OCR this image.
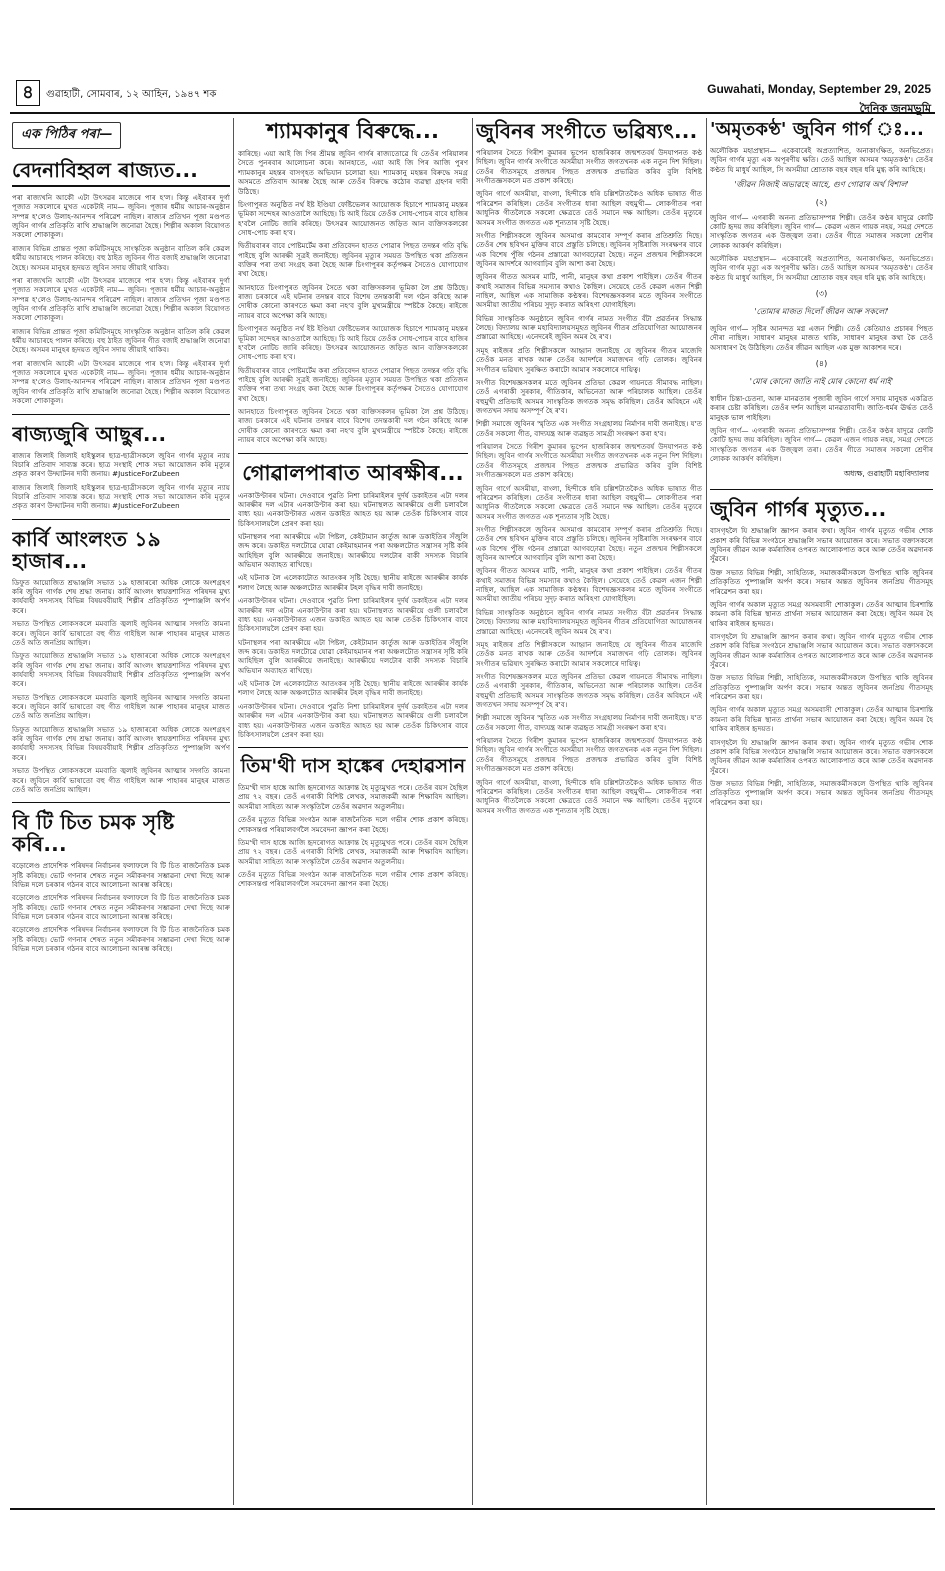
৪	গুৱাহাটী, সোমবাৰ, ১২ আহিন, ১৯৪৭ শক	Guwahati, Monday, September 29, 2025
দৈনিক জনমভূমি
এক পিঠিৰ পৰা—
বেদনাবিহ্বল ৰাজ্যত...

পৰা ৰাজ্যখনি আকৌ এটা উৎসৱৰ মাজেৰে পাৰ হ'ল। কিন্তু এইবাৰৰ দুৰ্গা পূজাত সকলোৰে মুখত একেটাই নাম— জুবিন। পূজাৰ ধৰ্মীয় আচাৰ-অনুষ্ঠান সম্পন্ন হ'লেও উলাহ-আনন্দৰ পৰিৱেশ নাছিল। ৰাজ্যৰ প্ৰতিখন পূজা মণ্ডপত জুবিন গাৰ্গৰ প্ৰতিকৃতি ৰাখি শ্ৰদ্ধাঞ্জলি জনোৱা হৈছে। শিল্পীৰ অকাল বিয়োগত সকলো শোকাকুল।

ৰাজ্যৰ বিভিন্ন প্ৰান্তত পূজা কমিটিসমূহে সাংস্কৃতিক অনুষ্ঠান বাতিল কৰি কেৱল ধৰ্মীয় আচাৰহে পালন কৰিছে। বহু ঠাইত জুবিনৰ গীত বজাই শ্ৰদ্ধাঞ্জলি জনোৱা হৈছে। অসমৰ মানুহৰ হৃদয়ত জুবিন সদায় জীয়াই থাকিব।

পৰা ৰাজ্যখনি আকৌ এটা উৎসৱৰ মাজেৰে পাৰ হ'ল। কিন্তু এইবাৰৰ দুৰ্গা পূজাত সকলোৰে মুখত একেটাই নাম— জুবিন। পূজাৰ ধৰ্মীয় আচাৰ-অনুষ্ঠান সম্পন্ন হ'লেও উলাহ-আনন্দৰ পৰিৱেশ নাছিল। ৰাজ্যৰ প্ৰতিখন পূজা মণ্ডপত জুবিন গাৰ্গৰ প্ৰতিকৃতি ৰাখি শ্ৰদ্ধাঞ্জলি জনোৱা হৈছে। শিল্পীৰ অকাল বিয়োগত সকলো শোকাকুল।

ৰাজ্যৰ বিভিন্ন প্ৰান্তত পূজা কমিটিসমূহে সাংস্কৃতিক অনুষ্ঠান বাতিল কৰি কেৱল ধৰ্মীয় আচাৰহে পালন কৰিছে। বহু ঠাইত জুবিনৰ গীত বজাই শ্ৰদ্ধাঞ্জলি জনোৱা হৈছে। অসমৰ মানুহৰ হৃদয়ত জুবিন সদায় জীয়াই থাকিব।

পৰা ৰাজ্যখনি আকৌ এটা উৎসৱৰ মাজেৰে পাৰ হ'ল। কিন্তু এইবাৰৰ দুৰ্গা পূজাত সকলোৰে মুখত একেটাই নাম— জুবিন। পূজাৰ ধৰ্মীয় আচাৰ-অনুষ্ঠান সম্পন্ন হ'লেও উলাহ-আনন্দৰ পৰিৱেশ নাছিল। ৰাজ্যৰ প্ৰতিখন পূজা মণ্ডপত জুবিন গাৰ্গৰ প্ৰতিকৃতি ৰাখি শ্ৰদ্ধাঞ্জলি জনোৱা হৈছে। শিল্পীৰ অকাল বিয়োগত সকলো শোকাকুল।

ৰাজ্যজুৰি আছুৰ...

ৰাজ্যৰ জিলাই জিলাই হাইস্কুলৰ ছাত্ৰ-ছাত্ৰীসকলে জুবিন গাৰ্গৰ মৃত্যুৰ ন্যায় বিচাৰি প্ৰতিবাদ সাব্যস্ত কৰে। ছাত্ৰ সংস্থাই শোক সভা আয়োজন কৰি মৃত্যুৰ প্ৰকৃত কাৰণ উদ্ঘাটনৰ দাবী জনায়। #JusticeForZubeen

ৰাজ্যৰ জিলাই জিলাই হাইস্কুলৰ ছাত্ৰ-ছাত্ৰীসকলে জুবিন গাৰ্গৰ মৃত্যুৰ ন্যায় বিচাৰি প্ৰতিবাদ সাব্যস্ত কৰে। ছাত্ৰ সংস্থাই শোক সভা আয়োজন কৰি মৃত্যুৰ প্ৰকৃত কাৰণ উদ্ঘাটনৰ দাবী জনায়। #JusticeForZubeen

কাৰ্বি আংলংত ১৯ হাজাৰ...

ডিফুত আয়োজিত শ্ৰদ্ধাঞ্জলি সভাত ১৯ হাজাৰৰো অধিক লোকে অংশগ্ৰহণ কৰি জুবিন গাৰ্গক শেষ শ্ৰদ্ধা জনায়। কাৰ্বি আংলং স্বায়ত্তশাসিত পৰিষদৰ মুখ্য কাৰ্যবাহী সদস্যসহ বিভিন্ন বিষয়ববীয়াই শিল্পীৰ প্ৰতিকৃতিত পুষ্পাঞ্জলি অৰ্পণ কৰে।

সভাত উপস্থিত লোকসকলে মমবাতি জ্বলাই জুবিনৰ আত্মাৰ সদ্গতি কামনা কৰে। জুবিনে কাৰ্বি ভাষাতো বহু গীত গাইছিল আৰু পাহাৰৰ মানুহৰ মাজত তেওঁ অতি জনপ্ৰিয় আছিল।

ডিফুত আয়োজিত শ্ৰদ্ধাঞ্জলি সভাত ১৯ হাজাৰৰো অধিক লোকে অংশগ্ৰহণ কৰি জুবিন গাৰ্গক শেষ শ্ৰদ্ধা জনায়। কাৰ্বি আংলং স্বায়ত্তশাসিত পৰিষদৰ মুখ্য কাৰ্যবাহী সদস্যসহ বিভিন্ন বিষয়ববীয়াই শিল্পীৰ প্ৰতিকৃতিত পুষ্পাঞ্জলি অৰ্পণ কৰে।

সভাত উপস্থিত লোকসকলে মমবাতি জ্বলাই জুবিনৰ আত্মাৰ সদ্গতি কামনা কৰে। জুবিনে কাৰ্বি ভাষাতো বহু গীত গাইছিল আৰু পাহাৰৰ মানুহৰ মাজত তেওঁ অতি জনপ্ৰিয় আছিল।

ডিফুত আয়োজিত শ্ৰদ্ধাঞ্জলি সভাত ১৯ হাজাৰৰো অধিক লোকে অংশগ্ৰহণ কৰি জুবিন গাৰ্গক শেষ শ্ৰদ্ধা জনায়। কাৰ্বি আংলং স্বায়ত্তশাসিত পৰিষদৰ মুখ্য কাৰ্যবাহী সদস্যসহ বিভিন্ন বিষয়ববীয়াই শিল্পীৰ প্ৰতিকৃতিত পুষ্পাঞ্জলি অৰ্পণ কৰে।

সভাত উপস্থিত লোকসকলে মমবাতি জ্বলাই জুবিনৰ আত্মাৰ সদ্গতি কামনা কৰে। জুবিনে কাৰ্বি ভাষাতো বহু গীত গাইছিল আৰু পাহাৰৰ মানুহৰ মাজত তেওঁ অতি জনপ্ৰিয় আছিল।

বি টি চিত চমক সৃষ্টি কৰি...

বড়োলেণ্ড প্ৰাদেশিক পৰিষদৰ নিৰ্বাচনৰ ফলাফলে বি টি চিত ৰাজনৈতিক চমক সৃষ্টি কৰিছে। ভোট গণনাৰ শেষত নতুন সমীকৰণৰ সম্ভাৱনা দেখা দিছে আৰু বিভিন্ন দলে চৰকাৰ গঠনৰ বাবে আলোচনা আৰম্ভ কৰিছে।

বড়োলেণ্ড প্ৰাদেশিক পৰিষদৰ নিৰ্বাচনৰ ফলাফলে বি টি চিত ৰাজনৈতিক চমক সৃষ্টি কৰিছে। ভোট গণনাৰ শেষত নতুন সমীকৰণৰ সম্ভাৱনা দেখা দিছে আৰু বিভিন্ন দলে চৰকাৰ গঠনৰ বাবে আলোচনা আৰম্ভ কৰিছে।

বড়োলেণ্ড প্ৰাদেশিক পৰিষদৰ নিৰ্বাচনৰ ফলাফলে বি টি চিত ৰাজনৈতিক চমক সৃষ্টি কৰিছে। ভোট গণনাৰ শেষত নতুন সমীকৰণৰ সম্ভাৱনা দেখা দিছে আৰু বিভিন্ন দলে চৰকাৰ গঠনৰ বাবে আলোচনা আৰম্ভ কৰিছে।

শ্যামকানুৰ বিৰুদ্ধে...

কাৰিছে। এয়া আই জি পিৰ শ্ৰীমন্ত জুবিন গাৰ্গৰ ৰাজ্যতোৱে যি তেওঁৰ পৰিয়ালৰ সৈতে পুনৰবাৰ আলোচনা কৰে। আনহাতে, এয়া আই জি পিৰ আজি পুৰণ শ্যামকানুৰ মহন্তৰ বাসগৃহত অভিযান চলোৱা হয়। শ্যামকানু মহন্তৰ বিৰুদ্ধে সমগ্ৰ অসমতে প্ৰতিবাদ আৰম্ভ হৈছে আৰু তেওঁৰ বিৰুদ্ধে কঠোৰ ব্যৱস্থা গ্ৰহণৰ দাবী উঠিছে।

চিংগাপুৰত অনুষ্ঠিত নৰ্থ ইষ্ট ইণ্ডিয়া ফেষ্টিভেলৰ আয়োজক হিচাপে শ্যামকানু মহন্তৰ ভূমিকা সন্দেহৰ আওতালৈ আহিছে। চি আই ডিয়ে তেওঁক সোধ-পোচৰ বাবে হাজিৰ হ'বলৈ নোটিচ জাৰি কৰিছে। উৎসৱৰ আয়োজনত জড়িত আন ব্যক্তিসকলকো সোধ-পোচ কৰা হ'ব।

দ্বিতীয়বাৰৰ বাবে পোষ্টমৰ্টেম কৰা প্ৰতিবেদন হাতত পোৱাৰ পিছত তদন্তৰ গতি বৃদ্ধি পাইছে বুলি আৰক্ষী সূত্ৰই জনাইছে। জুবিনৰ মৃত্যুৰ সময়ত উপস্থিত থকা প্ৰতিজন ব্যক্তিৰ পৰা তথ্য সংগ্ৰহ কৰা হৈছে আৰু চিংগাপুৰৰ কৰ্তৃপক্ষৰ সৈতেও যোগাযোগ ৰখা হৈছে।

আনহাতে চিংগাপুৰত জুবিনৰ সৈতে থকা ব্যক্তিসকলৰ ভূমিকা লৈ প্ৰশ্ন উঠিছে। ৰাজ্য চৰকাৰে এই ঘটনাৰ তদন্তৰ বাবে বিশেষ তদন্তকাৰী দল গঠন কৰিছে আৰু দোষীক কোনো কাৰণতে ক্ষমা কৰা নহ'ব বুলি মুখ্যমন্ত্ৰীয়ে স্পষ্টকৈ কৈছে। ৰাইজে ন্যায়ৰ বাবে অপেক্ষা কৰি আছে।

চিংগাপুৰত অনুষ্ঠিত নৰ্থ ইষ্ট ইণ্ডিয়া ফেষ্টিভেলৰ আয়োজক হিচাপে শ্যামকানু মহন্তৰ ভূমিকা সন্দেহৰ আওতালৈ আহিছে। চি আই ডিয়ে তেওঁক সোধ-পোচৰ বাবে হাজিৰ হ'বলৈ নোটিচ জাৰি কৰিছে। উৎসৱৰ আয়োজনত জড়িত আন ব্যক্তিসকলকো সোধ-পোচ কৰা হ'ব।

দ্বিতীয়বাৰৰ বাবে পোষ্টমৰ্টেম কৰা প্ৰতিবেদন হাতত পোৱাৰ পিছত তদন্তৰ গতি বৃদ্ধি পাইছে বুলি আৰক্ষী সূত্ৰই জনাইছে। জুবিনৰ মৃত্যুৰ সময়ত উপস্থিত থকা প্ৰতিজন ব্যক্তিৰ পৰা তথ্য সংগ্ৰহ কৰা হৈছে আৰু চিংগাপুৰৰ কৰ্তৃপক্ষৰ সৈতেও যোগাযোগ ৰখা হৈছে।

আনহাতে চিংগাপুৰত জুবিনৰ সৈতে থকা ব্যক্তিসকলৰ ভূমিকা লৈ প্ৰশ্ন উঠিছে। ৰাজ্য চৰকাৰে এই ঘটনাৰ তদন্তৰ বাবে বিশেষ তদন্তকাৰী দল গঠন কৰিছে আৰু দোষীক কোনো কাৰণতে ক্ষমা কৰা নহ'ব বুলি মুখ্যমন্ত্ৰীয়ে স্পষ্টকৈ কৈছে। ৰাইজে ন্যায়ৰ বাবে অপেক্ষা কৰি আছে।

গোৱালপাৰাত আৰক্ষীৰ...

এনকাউণ্টাৰৰ ঘটনা। দেওবাৰে পুৱতি নিশা চাৰিমাইলৰ দুৰ্দৰ্ষ ডকাইতৰ এটা দলৰ আৰক্ষীৰ দল এটাৰ এনকাউণ্টাৰ কৰা হয়। ঘটনাস্থলত আৰক্ষীয়ে গুলী চলাবলৈ বাধ্য হয়। এনকাউণ্টাৰত এজন ডকাইত আহত হয় আৰু তেওঁক চিকিৎসাৰ বাবে চিকিৎসালয়লৈ প্ৰেৰণ কৰা হয়।

ঘটনাস্থলৰ পৰা আৰক্ষীয়ে এটা পিষ্টল, কেইটামান কাৰ্তুজ আৰু ডকাইতিৰ সঁজুলি জব্দ কৰে। ডকাইত দলটোৱে যোৱা কেইমাহমানৰ পৰা অঞ্চলটোত সন্ত্ৰাসৰ সৃষ্টি কৰি আহিছিল বুলি আৰক্ষীয়ে জনাইছে। আৰক্ষীয়ে দলটোৰ বাকী সদস্যক বিচাৰি অভিযান অব্যাহত ৰাখিছে।

এই ঘটনাক লৈ এলেকাটোত আতংকৰ সৃষ্টি হৈছে। স্থানীয় ৰাইজে আৰক্ষীৰ কাৰ্যক শলাগ লৈছে আৰু অঞ্চলটোত আৰক্ষীৰ টহল বৃদ্ধিৰ দাবী জনাইছে।

এনকাউণ্টাৰৰ ঘটনা। দেওবাৰে পুৱতি নিশা চাৰিমাইলৰ দুৰ্দৰ্ষ ডকাইতৰ এটা দলৰ আৰক্ষীৰ দল এটাৰ এনকাউণ্টাৰ কৰা হয়। ঘটনাস্থলত আৰক্ষীয়ে গুলী চলাবলৈ বাধ্য হয়। এনকাউণ্টাৰত এজন ডকাইত আহত হয় আৰু তেওঁক চিকিৎসাৰ বাবে চিকিৎসালয়লৈ প্ৰেৰণ কৰা হয়।

ঘটনাস্থলৰ পৰা আৰক্ষীয়ে এটা পিষ্টল, কেইটামান কাৰ্তুজ আৰু ডকাইতিৰ সঁজুলি জব্দ কৰে। ডকাইত দলটোৱে যোৱা কেইমাহমানৰ পৰা অঞ্চলটোত সন্ত্ৰাসৰ সৃষ্টি কৰি আহিছিল বুলি আৰক্ষীয়ে জনাইছে। আৰক্ষীয়ে দলটোৰ বাকী সদস্যক বিচাৰি অভিযান অব্যাহত ৰাখিছে।

এই ঘটনাক লৈ এলেকাটোত আতংকৰ সৃষ্টি হৈছে। স্থানীয় ৰাইজে আৰক্ষীৰ কাৰ্যক শলাগ লৈছে আৰু অঞ্চলটোত আৰক্ষীৰ টহল বৃদ্ধিৰ দাবী জনাইছে।

এনকাউণ্টাৰৰ ঘটনা। দেওবাৰে পুৱতি নিশা চাৰিমাইলৰ দুৰ্দৰ্ষ ডকাইতৰ এটা দলৰ আৰক্ষীৰ দল এটাৰ এনকাউণ্টাৰ কৰা হয়। ঘটনাস্থলত আৰক্ষীয়ে গুলী চলাবলৈ বাধ্য হয়। এনকাউণ্টাৰত এজন ডকাইত আহত হয় আৰু তেওঁক চিকিৎসাৰ বাবে চিকিৎসালয়লৈ প্ৰেৰণ কৰা হয়।

তিম'থী দাস হাঙ্কেৰ দেহাৱসান

তিম'থী দাস হাঙ্কে আজি হৃদৰোগত আক্ৰান্ত হৈ মৃত্যুমুখত পৰে। তেওঁৰ বয়স হৈছিল প্ৰায় ৭২ বছৰ। তেওঁ এগৰাকী বিশিষ্ট লেখক, সমাজকৰ্মী আৰু শিক্ষাবিদ আছিল। অসমীয়া সাহিত্য আৰু সংস্কৃতিলৈ তেওঁৰ অৱদান অতুলনীয়।

তেওঁৰ মৃত্যুত বিভিন্ন সংগঠন আৰু ৰাজনৈতিক দলে গভীৰ শোক প্ৰকাশ কৰিছে। শোকসন্তপ্ত পৰিয়ালবৰ্গলৈ সমবেদনা জ্ঞাপন কৰা হৈছে।

তিম'থী দাস হাঙ্কে আজি হৃদৰোগত আক্ৰান্ত হৈ মৃত্যুমুখত পৰে। তেওঁৰ বয়স হৈছিল প্ৰায় ৭২ বছৰ। তেওঁ এগৰাকী বিশিষ্ট লেখক, সমাজকৰ্মী আৰু শিক্ষাবিদ আছিল। অসমীয়া সাহিত্য আৰু সংস্কৃতিলৈ তেওঁৰ অৱদান অতুলনীয়।

তেওঁৰ মৃত্যুত বিভিন্ন সংগঠন আৰু ৰাজনৈতিক দলে গভীৰ শোক প্ৰকাশ কৰিছে। শোকসন্তপ্ত পৰিয়ালবৰ্গলৈ সমবেদনা জ্ঞাপন কৰা হৈছে।

জুবিনৰ সংগীতে ভৱিষ্যৎ...

পৰিয়ালৰ সৈতে গিৰীশ কুমাৰৰ ভূপেন হাজৰিকাৰ জন্মশতবৰ্ষ উদযাপনত কণ্ঠ দিছিল। জুবিন গাৰ্গৰ সংগীতে অসমীয়া সংগীত জগতখনক এক নতুন দিশ দিছিল। তেওঁৰ গীতসমূহে প্ৰজন্মৰ পিছত প্ৰজন্মক প্ৰভাৱিত কৰিব বুলি বিশিষ্ট সংগীতজ্ঞসকলে মত প্ৰকাশ কৰিছে।

জুবিন গাৰ্গে অসমীয়া, বাংলা, হিন্দীকে ধৰি চল্লিশটাতকৈও অধিক ভাষাত গীত পৰিৱেশন কৰিছিল। তেওঁৰ সংগীতৰ ধাৰা আছিল বহুমুখী— লোকগীতৰ পৰা আধুনিক গীতলৈকে সকলো ক্ষেত্ৰতে তেওঁ সমানে দক্ষ আছিল। তেওঁৰ মৃত্যুৰে অসমৰ সংগীত জগতত এক শূন্যতাৰ সৃষ্টি হৈছে।

সংগীত শিল্পীসকলে জুবিনৰ অসমাপ্ত কামবোৰ সম্পূৰ্ণ কৰাৰ প্ৰতিশ্ৰুতি দিছে। তেওঁৰ শেষ ছবিখন মুক্তিৰ বাবে প্ৰস্তুতি চলিছে। জুবিনৰ সৃষ্টিৰাজি সংৰক্ষণৰ বাবে এক বিশেষ পুঁজি গঠনৰ প্ৰস্তাৱো আগবঢ়োৱা হৈছে। নতুন প্ৰজন্মৰ শিল্পীসকলে জুবিনৰ আদৰ্শৰে আগবাঢ়িব বুলি আশা কৰা হৈছে।

জুবিনৰ গীতত অসমৰ মাটি, পানী, মানুহৰ কথা প্ৰকাশ পাইছিল। তেওঁৰ গীতৰ কথাই সমাজৰ বিভিন্ন সমস্যাৰ কথাও কৈছিল। সেয়েহে তেওঁ কেৱল এজন শিল্পী নাছিল, আছিল এক সামাজিক কণ্ঠস্বৰ। বিশেষজ্ঞসকলৰ মতে জুবিনৰ সংগীতে অসমীয়া জাতীয় পৰিচয় সুদৃঢ় কৰাত অৰিহণা যোগাইছিল।

বিভিন্ন সাংস্কৃতিক অনুষ্ঠানে জুবিন গাৰ্গৰ নামত সংগীত বঁটা প্ৰৱৰ্তনৰ সিদ্ধান্ত লৈছে। বিদ্যালয় আৰু মহাবিদ্যালয়সমূহত জুবিনৰ গীতৰ প্ৰতিযোগিতা আয়োজনৰ প্ৰস্তাৱো আহিছে। এনেদৰেই জুবিন অমৰ হৈ ৰ'ব।

সমূহ ৰাইজৰ প্ৰতি শিল্পীসকলে আহ্বান জনাইছে যে জুবিনৰ গীতৰ মাজেদি তেওঁক মনত ৰাখক আৰু তেওঁৰ আদৰ্শৰে সমাজখন গঢ়ি তোলক। জুবিনৰ সংগীতৰ ভৱিষ্যৎ সুৰক্ষিত কৰাটো আমাৰ সকলোৰে দায়িত্ব।

সংগীত বিশেষজ্ঞসকলৰ মতে জুবিনৰ প্ৰতিভা কেৱল গায়নতে সীমাবদ্ধ নাছিল। তেওঁ এগৰাকী সুৰকাৰ, গীতিকাৰ, অভিনেতা আৰু পৰিচালক আছিল। তেওঁৰ বহুমুখী প্ৰতিভাই অসমৰ সাংস্কৃতিক জগতক সমৃদ্ধ কৰিছিল। তেওঁৰ অবিহনে এই জগতখন সদায় অসম্পূৰ্ণ হৈ ৰ'ব।

শিল্পী সমাজে জুবিনৰ স্মৃতিত এক সংগীত সংগ্ৰহালয় নিৰ্মাণৰ দাবী জনাইছে। য'ত তেওঁৰ সকলো গীত, বাদ্যযন্ত্ৰ আৰু ব্যৱহৃত সামগ্ৰী সংৰক্ষণ কৰা হ'ব।

পৰিয়ালৰ সৈতে গিৰীশ কুমাৰৰ ভূপেন হাজৰিকাৰ জন্মশতবৰ্ষ উদযাপনত কণ্ঠ দিছিল। জুবিন গাৰ্গৰ সংগীতে অসমীয়া সংগীত জগতখনক এক নতুন দিশ দিছিল। তেওঁৰ গীতসমূহে প্ৰজন্মৰ পিছত প্ৰজন্মক প্ৰভাৱিত কৰিব বুলি বিশিষ্ট সংগীতজ্ঞসকলে মত প্ৰকাশ কৰিছে।

জুবিন গাৰ্গে অসমীয়া, বাংলা, হিন্দীকে ধৰি চল্লিশটাতকৈও অধিক ভাষাত গীত পৰিৱেশন কৰিছিল। তেওঁৰ সংগীতৰ ধাৰা আছিল বহুমুখী— লোকগীতৰ পৰা আধুনিক গীতলৈকে সকলো ক্ষেত্ৰতে তেওঁ সমানে দক্ষ আছিল। তেওঁৰ মৃত্যুৰে অসমৰ সংগীত জগতত এক শূন্যতাৰ সৃষ্টি হৈছে।

সংগীত শিল্পীসকলে জুবিনৰ অসমাপ্ত কামবোৰ সম্পূৰ্ণ কৰাৰ প্ৰতিশ্ৰুতি দিছে। তেওঁৰ শেষ ছবিখন মুক্তিৰ বাবে প্ৰস্তুতি চলিছে। জুবিনৰ সৃষ্টিৰাজি সংৰক্ষণৰ বাবে এক বিশেষ পুঁজি গঠনৰ প্ৰস্তাৱো আগবঢ়োৱা হৈছে। নতুন প্ৰজন্মৰ শিল্পীসকলে জুবিনৰ আদৰ্শৰে আগবাঢ়িব বুলি আশা কৰা হৈছে।

জুবিনৰ গীতত অসমৰ মাটি, পানী, মানুহৰ কথা প্ৰকাশ পাইছিল। তেওঁৰ গীতৰ কথাই সমাজৰ বিভিন্ন সমস্যাৰ কথাও কৈছিল। সেয়েহে তেওঁ কেৱল এজন শিল্পী নাছিল, আছিল এক সামাজিক কণ্ঠস্বৰ। বিশেষজ্ঞসকলৰ মতে জুবিনৰ সংগীতে অসমীয়া জাতীয় পৰিচয় সুদৃঢ় কৰাত অৰিহণা যোগাইছিল।

বিভিন্ন সাংস্কৃতিক অনুষ্ঠানে জুবিন গাৰ্গৰ নামত সংগীত বঁটা প্ৰৱৰ্তনৰ সিদ্ধান্ত লৈছে। বিদ্যালয় আৰু মহাবিদ্যালয়সমূহত জুবিনৰ গীতৰ প্ৰতিযোগিতা আয়োজনৰ প্ৰস্তাৱো আহিছে। এনেদৰেই জুবিন অমৰ হৈ ৰ'ব।

সমূহ ৰাইজৰ প্ৰতি শিল্পীসকলে আহ্বান জনাইছে যে জুবিনৰ গীতৰ মাজেদি তেওঁক মনত ৰাখক আৰু তেওঁৰ আদৰ্শৰে সমাজখন গঢ়ি তোলক। জুবিনৰ সংগীতৰ ভৱিষ্যৎ সুৰক্ষিত কৰাটো আমাৰ সকলোৰে দায়িত্ব।

সংগীত বিশেষজ্ঞসকলৰ মতে জুবিনৰ প্ৰতিভা কেৱল গায়নতে সীমাবদ্ধ নাছিল। তেওঁ এগৰাকী সুৰকাৰ, গীতিকাৰ, অভিনেতা আৰু পৰিচালক আছিল। তেওঁৰ বহুমুখী প্ৰতিভাই অসমৰ সাংস্কৃতিক জগতক সমৃদ্ধ কৰিছিল। তেওঁৰ অবিহনে এই জগতখন সদায় অসম্পূৰ্ণ হৈ ৰ'ব।

শিল্পী সমাজে জুবিনৰ স্মৃতিত এক সংগীত সংগ্ৰহালয় নিৰ্মাণৰ দাবী জনাইছে। য'ত তেওঁৰ সকলো গীত, বাদ্যযন্ত্ৰ আৰু ব্যৱহৃত সামগ্ৰী সংৰক্ষণ কৰা হ'ব।

পৰিয়ালৰ সৈতে গিৰীশ কুমাৰৰ ভূপেন হাজৰিকাৰ জন্মশতবৰ্ষ উদযাপনত কণ্ঠ দিছিল। জুবিন গাৰ্গৰ সংগীতে অসমীয়া সংগীত জগতখনক এক নতুন দিশ দিছিল। তেওঁৰ গীতসমূহে প্ৰজন্মৰ পিছত প্ৰজন্মক প্ৰভাৱিত কৰিব বুলি বিশিষ্ট সংগীতজ্ঞসকলে মত প্ৰকাশ কৰিছে।

জুবিন গাৰ্গে অসমীয়া, বাংলা, হিন্দীকে ধৰি চল্লিশটাতকৈও অধিক ভাষাত গীত পৰিৱেশন কৰিছিল। তেওঁৰ সংগীতৰ ধাৰা আছিল বহুমুখী— লোকগীতৰ পৰা আধুনিক গীতলৈকে সকলো ক্ষেত্ৰতে তেওঁ সমানে দক্ষ আছিল। তেওঁৰ মৃত্যুৰে অসমৰ সংগীত জগতত এক শূন্যতাৰ সৃষ্টি হৈছে।

'অমৃতকণ্ঠ' জুবিন গাৰ্গ ঃ...

অলৌকিক মহাপ্ৰস্থান— একেবাৰেই অপ্ৰত্যাশিত, অনাকাংক্ষিত, অনভিপ্ৰেত। জুবিন গাৰ্গৰ মৃত্যু এক অপূৰণীয় ক্ষতি। তেওঁ আছিল অসমৰ 'অমৃতকণ্ঠ'। তেওঁৰ কণ্ঠত যি মাধুৰ্য আছিল, সি অসমীয়া শ্ৰোতাক বছৰ বছৰ ধৰি মুগ্ধ কৰি আহিছে।

'জীৱন নিজাই অভাৱহে আহে, গুণ গোৱাৰ অৰ্থ বিশাল'
(২)

জুবিন গাৰ্গ— এগৰাকী অনন্য প্ৰতিভাসম্পন্ন শিল্পী। তেওঁৰ কণ্ঠৰ যাদুৱে কোটি কোটি হৃদয় জয় কৰিছিল। জুবিন গাৰ্গ— কেৱল এজন গায়ক নহয়, সমগ্ৰ দেশতে সাংস্কৃতিক জগতৰ এক উজ্জ্বল তৰা। তেওঁৰ গীতে সমাজৰ সকলো শ্ৰেণীৰ লোকক আকৰ্ষণ কৰিছিল।

অলৌকিক মহাপ্ৰস্থান— একেবাৰেই অপ্ৰত্যাশিত, অনাকাংক্ষিত, অনভিপ্ৰেত। জুবিন গাৰ্গৰ মৃত্যু এক অপূৰণীয় ক্ষতি। তেওঁ আছিল অসমৰ 'অমৃতকণ্ঠ'। তেওঁৰ কণ্ঠত যি মাধুৰ্য আছিল, সি অসমীয়া শ্ৰোতাক বছৰ বছৰ ধৰি মুগ্ধ কৰি আহিছে।

(৩)
'তোমাৰ মাজত দিলোঁ জীৱন আৰু সকলো'

জুবিন গাৰ্গ— সৃষ্টিৰ আনন্দত মগ্ন এজন শিল্পী। তেওঁ কেতিয়াও প্ৰচাৰৰ পিছত দৌৰা নাছিল। সাধাৰণ মানুহৰ মাজত থাকি, সাধাৰণ মানুহৰ কথা কৈ তেওঁ অসাধাৰণ হৈ উঠিছিল। তেওঁৰ জীৱন আছিল এক মুক্ত আকাশৰ দৰে।

(৪)
'মোৰ কোনো জাতি নাই মোৰ কোনো ধৰ্ম নাই'

স্বাধীন চিন্তা-চেতনা, আৰু মানৱতাৰ পূজাৰী জুবিন গাৰ্গে সদায় মানুহক একত্ৰিত কৰাৰ চেষ্টা কৰিছিল। তেওঁৰ দৰ্শন আছিল মানৱতাবাদী। জাতি-ধৰ্মৰ ঊৰ্দ্ধত তেওঁ মানুহক ভাল পাইছিল।

জুবিন গাৰ্গ— এগৰাকী অনন্য প্ৰতিভাসম্পন্ন শিল্পী। তেওঁৰ কণ্ঠৰ যাদুৱে কোটি কোটি হৃদয় জয় কৰিছিল। জুবিন গাৰ্গ— কেৱল এজন গায়ক নহয়, সমগ্ৰ দেশতে সাংস্কৃতিক জগতৰ এক উজ্জ্বল তৰা। তেওঁৰ গীতে সমাজৰ সকলো শ্ৰেণীৰ লোকক আকৰ্ষণ কৰিছিল।

অধ্যক্ষ, গুৱাহাটী মহাবিদ্যালয়
জুবিন গাৰ্গৰ মৃত্যুত...

বাসগৃহলৈ যি শ্ৰদ্ধাঞ্জলি জ্ঞাপন কৰাৰ কথা। জুবিন গাৰ্গৰ মৃত্যুত গভীৰ শোক প্ৰকাশ কৰি বিভিন্ন সংগঠনে শ্ৰদ্ধাঞ্জলি সভাৰ আয়োজন কৰে। সভাত বক্তাসকলে জুবিনৰ জীৱন আৰু কৰ্মৰাজিৰ ওপৰত আলোকপাত কৰে আৰু তেওঁৰ অৱদানক সুঁৱৰে।

উক্ত সভাত বিভিন্ন শিল্পী, সাহিত্যিক, সমাজকৰ্মীসকলে উপস্থিত থাকি জুবিনৰ প্ৰতিকৃতিত পুষ্পাঞ্জলি অৰ্পণ কৰে। সভাৰ অন্তত জুবিনৰ জনপ্ৰিয় গীতসমূহ পৰিৱেশন কৰা হয়।

জুবিন গাৰ্গৰ অকাল মৃত্যুত সমগ্ৰ অসমবাসী শোকাকুল। তেওঁৰ আত্মাৰ চিৰশান্তি কামনা কৰি বিভিন্ন স্থানত প্ৰাৰ্থনা সভাৰ আয়োজন কৰা হৈছে। জুবিন অমৰ হৈ থাকিব ৰাইজৰ হৃদয়ত।

বাসগৃহলৈ যি শ্ৰদ্ধাঞ্জলি জ্ঞাপন কৰাৰ কথা। জুবিন গাৰ্গৰ মৃত্যুত গভীৰ শোক প্ৰকাশ কৰি বিভিন্ন সংগঠনে শ্ৰদ্ধাঞ্জলি সভাৰ আয়োজন কৰে। সভাত বক্তাসকলে জুবিনৰ জীৱন আৰু কৰ্মৰাজিৰ ওপৰত আলোকপাত কৰে আৰু তেওঁৰ অৱদানক সুঁৱৰে।

উক্ত সভাত বিভিন্ন শিল্পী, সাহিত্যিক, সমাজকৰ্মীসকলে উপস্থিত থাকি জুবিনৰ প্ৰতিকৃতিত পুষ্পাঞ্জলি অৰ্পণ কৰে। সভাৰ অন্তত জুবিনৰ জনপ্ৰিয় গীতসমূহ পৰিৱেশন কৰা হয়।

জুবিন গাৰ্গৰ অকাল মৃত্যুত সমগ্ৰ অসমবাসী শোকাকুল। তেওঁৰ আত্মাৰ চিৰশান্তি কামনা কৰি বিভিন্ন স্থানত প্ৰাৰ্থনা সভাৰ আয়োজন কৰা হৈছে। জুবিন অমৰ হৈ থাকিব ৰাইজৰ হৃদয়ত।

বাসগৃহলৈ যি শ্ৰদ্ধাঞ্জলি জ্ঞাপন কৰাৰ কথা। জুবিন গাৰ্গৰ মৃত্যুত গভীৰ শোক প্ৰকাশ কৰি বিভিন্ন সংগঠনে শ্ৰদ্ধাঞ্জলি সভাৰ আয়োজন কৰে। সভাত বক্তাসকলে জুবিনৰ জীৱন আৰু কৰ্মৰাজিৰ ওপৰত আলোকপাত কৰে আৰু তেওঁৰ অৱদানক সুঁৱৰে।

উক্ত সভাত বিভিন্ন শিল্পী, সাহিত্যিক, সমাজকৰ্মীসকলে উপস্থিত থাকি জুবিনৰ প্ৰতিকৃতিত পুষ্পাঞ্জলি অৰ্পণ কৰে। সভাৰ অন্তত জুবিনৰ জনপ্ৰিয় গীতসমূহ পৰিৱেশন কৰা হয়।
